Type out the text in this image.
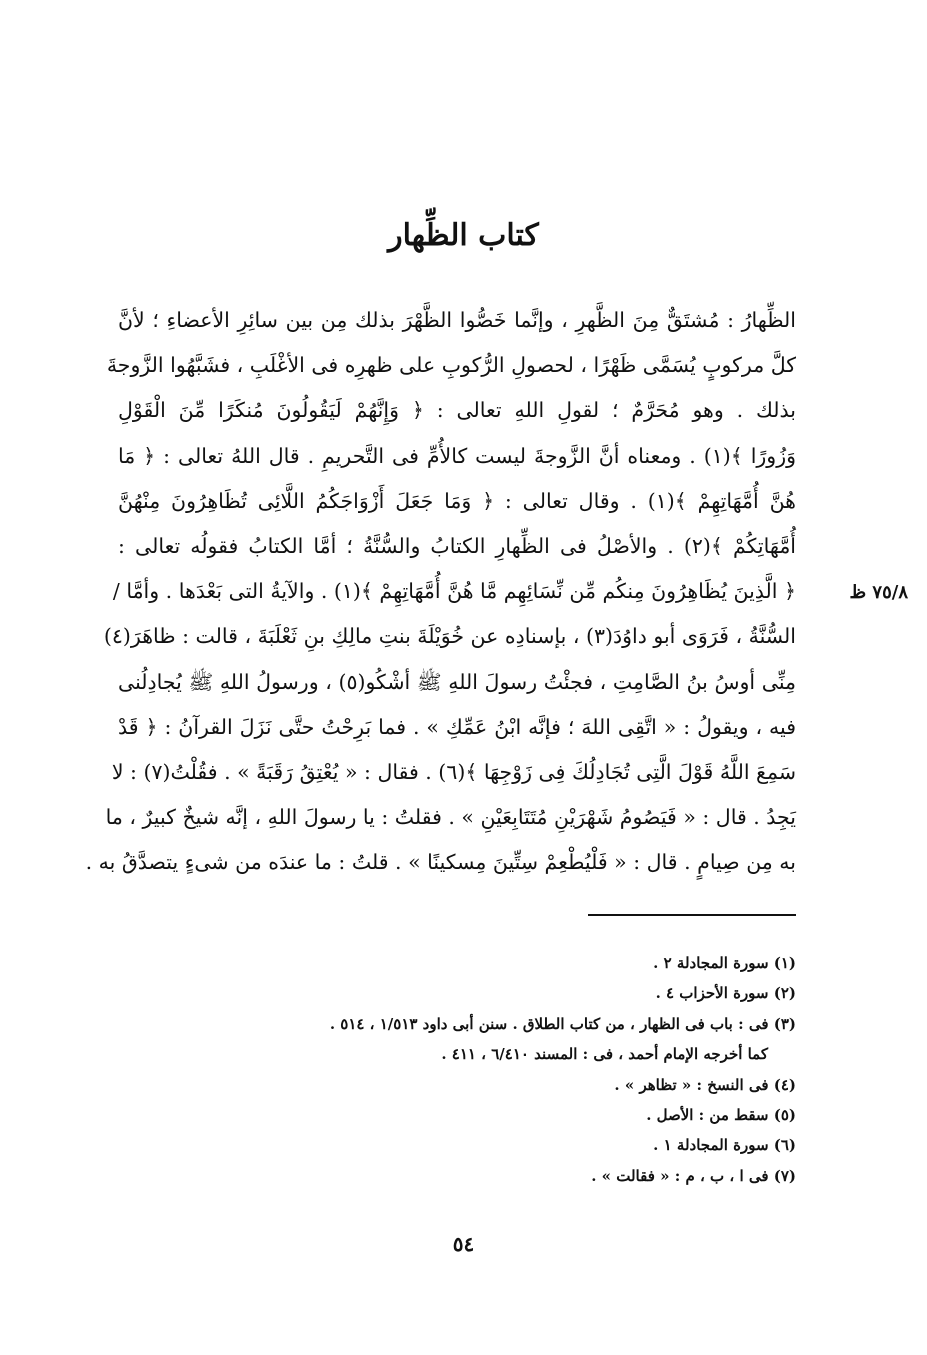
كتاب الظِّهار
٧٥/٨ ظ
الظِّهارُ : مُشتَقٌّ مِنَ الظَّهرِ ، وإنَّما خَصُّوا الظَّهْرَ بذلك مِن بين سائِرِ الأعضاءِ ؛ لأنَّ
كلَّ مركوبٍ يُسَمَّى ظَهْرًا ، لحصولِ الرُّكوبِ على ظهرِه فى الأغْلَبِ ، فشَبَّهُوا الزَّوجةَ
بذلك . وهو مُحَرَّمٌ ؛ لقولِ اللهِ تعالى : ﴿ وَإِنَّهُمْ لَيَقُولُونَ مُنكَرًا مِّنَ الْقَوْلِ
وَزُورًا ﴾(١) . ومعناه أنَّ الزَّوجةَ ليست كالأُمِّ فى التَّحريمِ . قال اللهُ تعالى : ﴿ مَا
هُنَّ أُمَّهَاتِهِمْ ﴾(١) . وقال تعالى : ﴿ وَمَا جَعَلَ أَزْوَاجَكُمُ اللَّائِى تُظَاهِرُونَ مِنْهُنَّ
أُمَّهَاتِكُمْ ﴾(٢) . والأصْلُ فى الظِّهارِ الكتابُ والسُّنَّةُ ؛ أمَّا الكتابُ فقولُه تعالى :
﴿ الَّذِينَ يُظَاهِرُونَ مِنكُم مِّن نِّسَائِهِم مَّا هُنَّ أُمَّهَاتِهِمْ ﴾(١) . والآيةُ التى بَعْدَها . وأمَّا /
السُّنَّةُ ، فَرَوَى أبو داوُدَ(٣) ، بإسنادِه عن خُوَيْلَةَ بنتِ مالِكِ بنِ ثَعْلَبَةَ ، قالت : ظاهَرَ(٤)
مِنِّى أوسُ بنُ الصَّامِتِ ، فجئْتُ رسولَ اللهِ ﷺ أشْكُو(٥) ، ورسولُ اللهِ ﷺ يُجادِلُنى
فيه ، ويقولُ : « اتَّقِى اللهَ ؛ فإنَّه ابْنُ عَمِّكِ » . فما بَرِحْتُ حتَّى نَزَلَ القرآنُ : ﴿ قَدْ
سَمِعَ اللَّهُ قَوْلَ الَّتِى تُجَادِلُكَ فِى زَوْجِهَا ﴾(٦) . فقال : « يُعْتِقُ رَقَبَةً » . فقُلْتُ(٧) : لا
يَجِدُ . قال : « فَيَصُومُ شَهْرَيْنِ مُتَتَابِعَيْنِ » . فقلتُ : يا رسولَ اللهِ ، إنَّه شيخٌ كبيرٌ ، ما
به مِن صِيامٍ . قال : « فَلْيُطْعِمْ سِتِّينَ مِسكينًا » . قلتُ : ما عندَه من شىءٍ يتصدَّقُ به .
(١) سورة المجادلة ٢ .
(٢) سورة الأحزاب ٤ .
(٣) فى : باب فى الظهار ، من كتاب الطلاق . سنن أبى داود ١/٥١٣ ، ٥١٤ .
كما أخرجه الإمام أحمد ، فى : المسند ٦/٤١٠ ، ٤١١ .
(٤) فى النسخ : « تظاهر » .
(٥) سقط من : الأصل .
(٦) سورة المجادلة ١ .
(٧) فى ا ، ب ، م : « فقالت » .
٥٤
